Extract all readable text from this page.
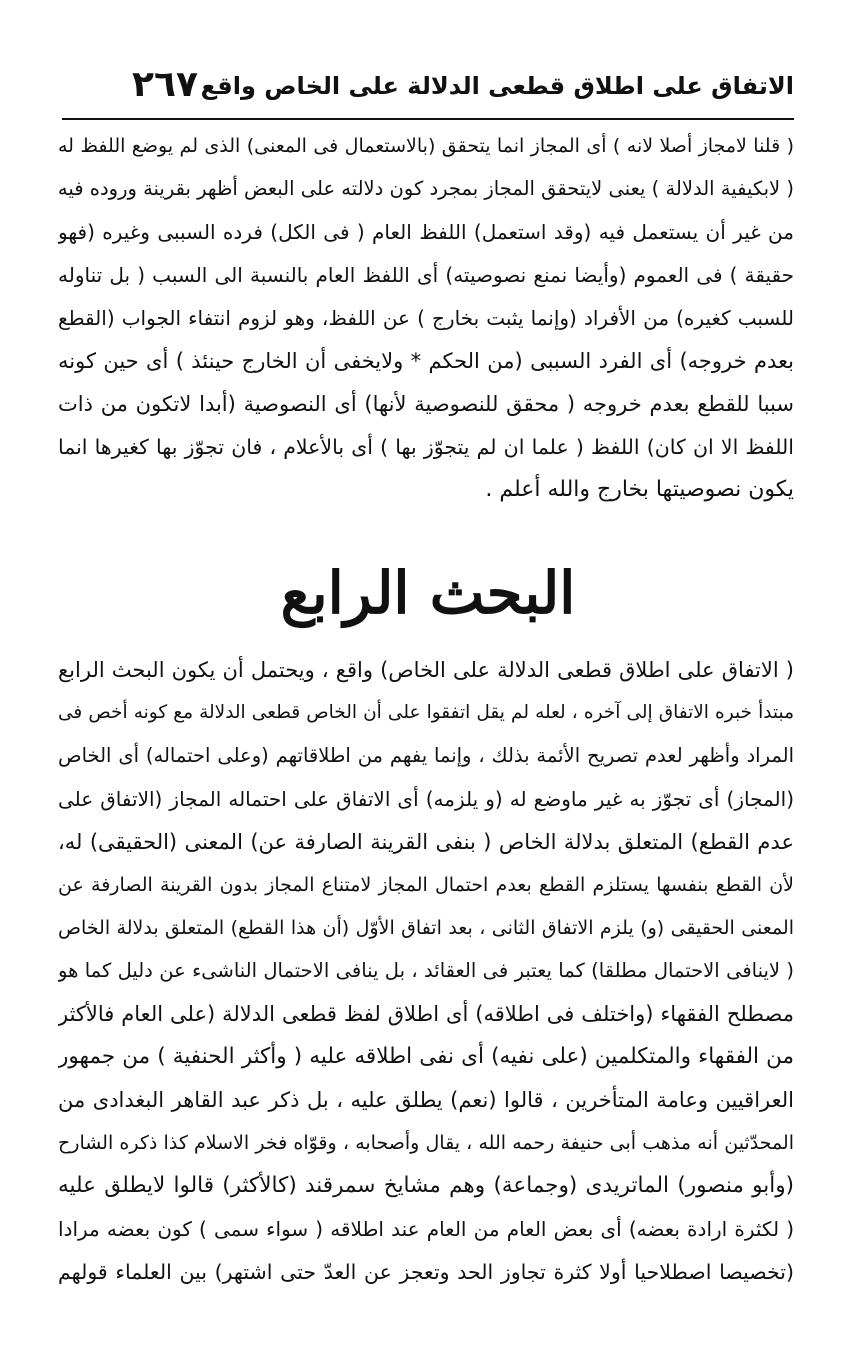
الاتفاق على اطلاق قطعى الدلالة على الخاص واقع
٢٦٧
( قلنا لامجاز أصلا لانه ) أى المجاز انما يتحقق (بالاستعمال فى المعنى) الذى لم يوضع اللفظ له
( لابكيفية الدلالة ) يعنى لايتحقق المجاز بمجرد كون دلالته على البعض أظهر بقرينة وروده فيه
من غير أن يستعمل فيه (وقد استعمل) اللفظ العام ( فى الكل) فرده السببى وغيره (فهو
حقيقة ) فى العموم (وأيضا نمنع نصوصيته) أى اللفظ العام بالنسبة الى السبب ( بل تناوله
للسبب كغيره) من الأفراد (وإنما يثبت بخارج ) عن اللفظ، وهو لزوم انتفاء الجواب (القطع
بعدم خروجه) أى الفرد السببى (من الحكم * ولايخفى أن الخارج حينئذ ) أى حين كونه
سببا للقطع بعدم خروجه ( محقق للنصوصية لأنها) أى النصوصية (أبدا لاتكون من ذات
اللفظ الا ان كان) اللفظ ( علما ان لم يتجوّز بها ) أى بالأعلام ، فان تجوّز بها كغيرها انما
يكون نصوصيتها بخارج والله أعلم .
البحث الرابع
( الاتفاق على اطلاق قطعى الدلالة على الخاص) واقع ، ويحتمل أن يكون البحث الرابع
مبتدأ خبره الاتفاق إلى آخره ، لعله لم يقل اتفقوا على أن الخاص قطعى الدلالة مع كونه أخص فى
المراد وأظهر لعدم تصريح الأئمة بذلك ، وإنما يفهم من اطلاقاتهم (وعلى احتماله) أى الخاص
(المجاز) أى تجوّز به غير ماوضع له (و يلزمه) أى الاتفاق على احتماله المجاز (الاتفاق على
عدم القطع) المتعلق بدلالة الخاص ( بنفى القرينة الصارفة عن) المعنى (الحقيقى) له،
لأن القطع بنفسها يستلزم القطع بعدم احتمال المجاز لامتناع المجاز بدون القرينة الصارفة عن
المعنى الحقيقى (و) يلزم الاتفاق الثانى ، بعد اتفاق الأوّل (أن هذا القطع) المتعلق بدلالة الخاص
( لاينافى الاحتمال مطلقا) كما يعتبر فى العقائد ، بل ينافى الاحتمال الناشىء عن دليل كما هو
مصطلح الفقهاء (واختلف فى اطلاقه) أى اطلاق لفظ قطعى الدلالة (على العام فالأكثر
من الفقهاء والمتكلمين (على نفيه) أى نفى اطلاقه عليه ( وأكثر الحنفية ) من جمهور
العراقيين وعامة المتأخرين ، قالوا (نعم) يطلق عليه ، بل ذكر عبد القاهر البغدادى من
المحدّثين أنه مذهب أبى حنيفة رحمه الله ، يقال وأصحابه ، وقوّاه فخر الاسلام كذا ذكره الشارح
(وأبو منصور) الماتريدى (وجماعة) وهم مشايخ سمرقند (كالأكثر) قالوا لايطلق عليه
( لكثرة ارادة بعضه) أى بعض العام من العام عند اطلاقه ( سواء سمى ) كون بعضه مرادا
(تخصيصا اصطلاحيا أولا كثرة تجاوز الحد وتعجز عن العدّ حتى اشتهر) بين العلماء قولهم
